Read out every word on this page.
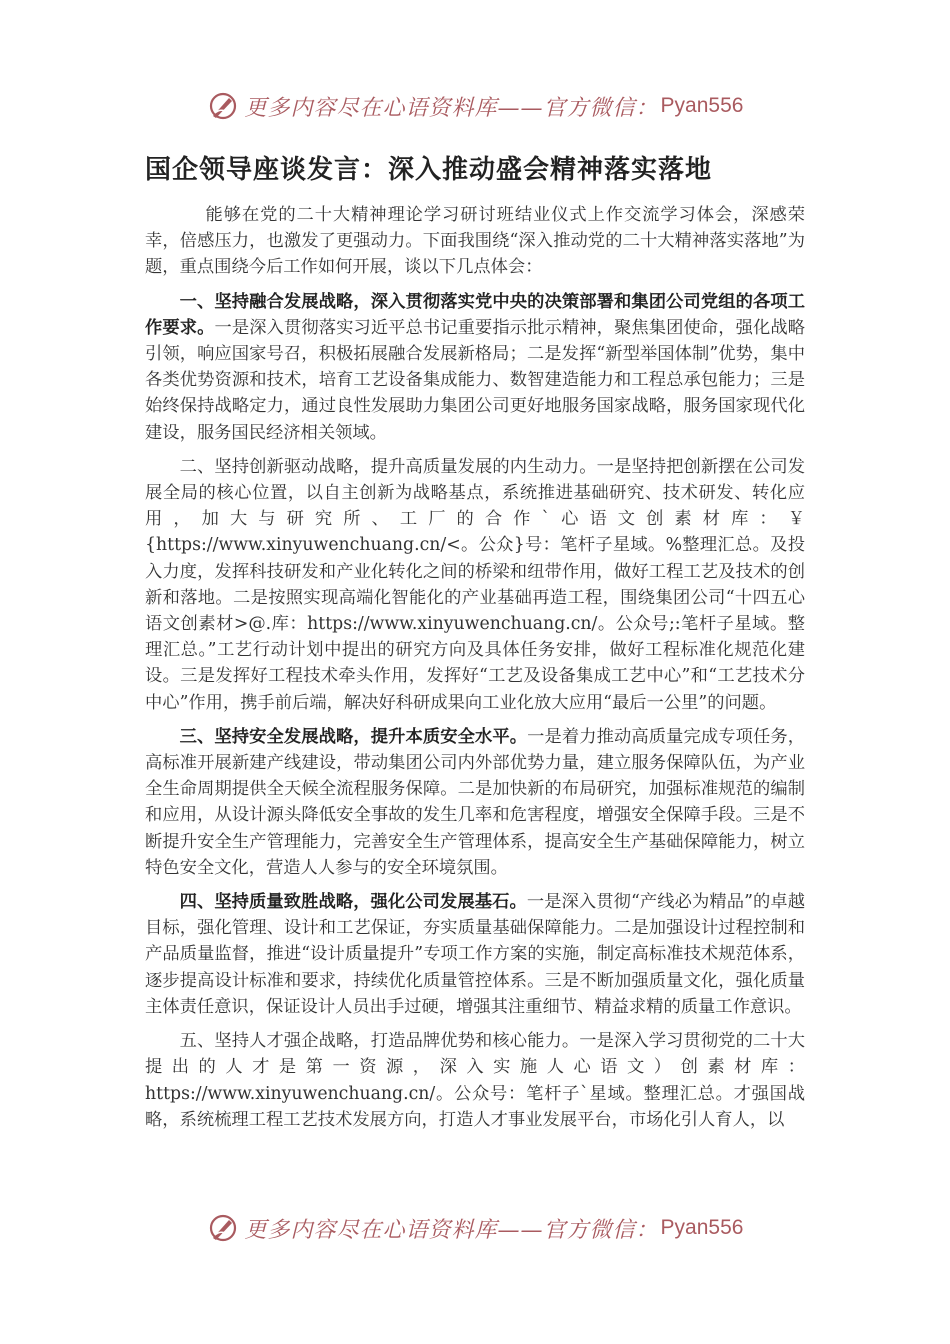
更多内容尽在心语资料库——官方微信： Pyan556
国企领导座谈发言：深入推动盛会精神落实落地

能够在党的二十大精神理论学习研讨班结业仪式上作交流学习体会，深感荣幸，倍感压力，也激发了更强动力。下面我围绕“深入推动党的二十大精神落实落地”为题，重点围绕今后工作如何开展，谈以下几点体会：

一、坚持融合发展战略，深入贯彻落实党中央的决策部署和集团公司党组的各项工作要求。一是深入贯彻落实习近平总书记重要指示批示精神，聚焦集团使命，强化战略引领，响应国家号召，积极拓展融合发展新格局；二是发挥“新型举国体制”优势，集中各类优势资源和技术，培育工艺设备集成能力、数智建造能力和工程总承包能力；三是始终保持战略定力，通过良性发展助力集团公司更好地服务国家战略，服务国家现代化建设，服务国民经济相关领域。

二、坚持创新驱动战略，提升高质量发展的内生动力。一是坚持把创新摆在公司发展全局的核心位置，以自主创新为战略基点，系统推进基础研究、技术研发、转化应用，加大与研究所、工厂的合作`心语文创素材库：￥{https://www.xinyuwenchuang.cn/<。公众}号：笔杆子星域。%整理汇总。及投入力度，发挥科技研发和产业化转化之间的桥梁和纽带作用，做好工程工艺及技术的创新和落地。二是按照实现高端化智能化的产业基础再造工程，围绕集团公司“十四五心语文创素材>@.库：https://www.xinyuwenchuang.cn/。公众号;:笔杆子星域。整理汇总。”工艺行动计划中提出的研究方向及具体任务安排，做好工程标准化规范化建设。三是发挥好工程技术牵头作用，发挥好“工艺及设备集成工艺中心”和“工艺技术分中心”作用，携手前后端，解决好科研成果向工业化放大应用“最后一公里”的问题。

三、坚持安全发展战略，提升本质安全水平。一是着力推动高质量完成专项任务，高标准开展新建产线建设，带动集团公司内外部优势力量，建立服务保障队伍，为产业全生命周期提供全天候全流程服务保障。二是加快新的布局研究，加强标准规范的编制和应用，从设计源头降低安全事故的发生几率和危害程度，增强安全保障手段。三是不断提升安全生产管理能力，完善安全生产管理体系，提高安全生产基础保障能力，树立特色安全文化，营造人人参与的安全环境氛围。

四、坚持质量致胜战略，强化公司发展基石。一是深入贯彻“产线必为精品”的卓越目标，强化管理、设计和工艺保证，夯实质量基础保障能力。二是加强设计过程控制和产品质量监督，推进“设计质量提升”专项工作方案的实施，制定高标准技术规范体系，逐步提高设计标准和要求，持续优化质量管控体系。三是不断加强质量文化，强化质量主体责任意识，保证设计人员出手过硬，增强其注重细节、精益求精的质量工作意识。

五、坚持人才强企战略，打造品牌优势和核心能力。一是深入学习贯彻党的二十大提出的人才是第一资源，深入实施人心语文）创素材库：https://www.xinyuwenchuang.cn/。公众号：笔杆子`星域。整理汇总。才强国战略，系统梳理工程工艺技术发展方向，打造人才事业发展平台，市场化引人育人，以

更多内容尽在心语资料库——官方微信： Pyan556
